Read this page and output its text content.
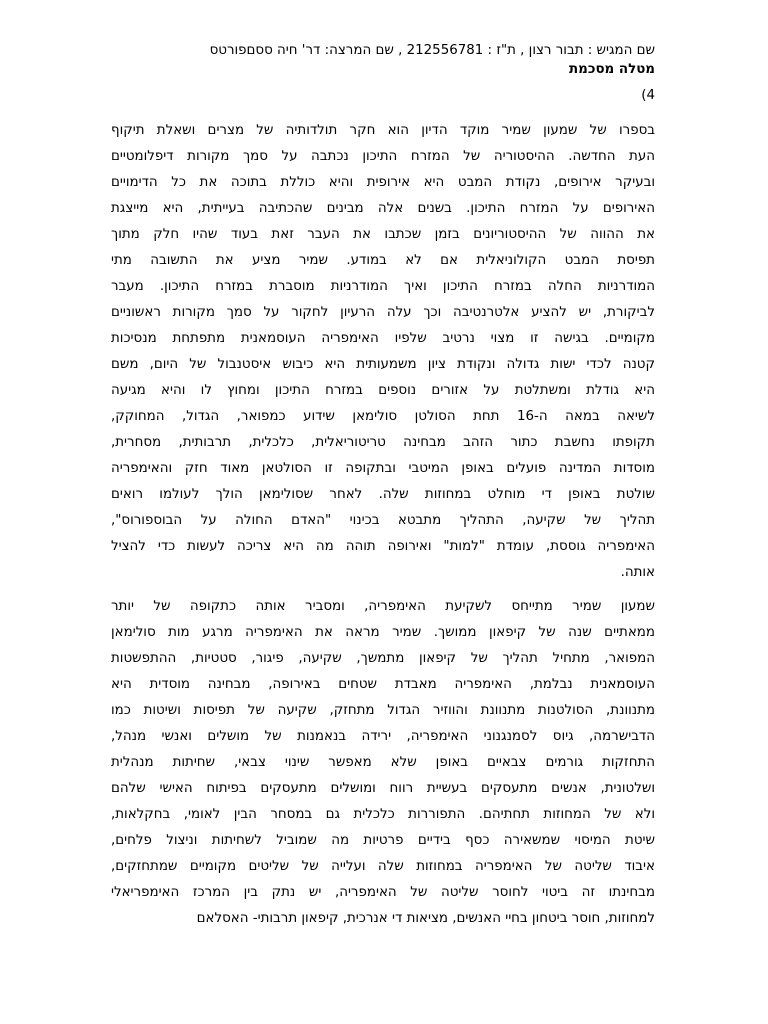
שם המגיש : תבור רצון , ת"ז : 212556781 , שם המרצה: דר' חיה ססםפורטס
מטלה מסכמת
(4
בספרו של שמעון שמיר מוקד הדיון הוא חקר תולדותיה של מצרים ושאלת תיקוף
העת החדשה. ההיסטוריה של המזרח התיכון נכתבה על סמך מקורות דיפלומטיים
ובעיקר אירופים, נקודת המבט היא אירופית והיא כוללת בתוכה את כל הדימויים
האירופים על המזרח התיכון. בשנים אלה מבינים שהכתיבה בעייתית, היא מייצגת
את ההווה של ההיסטוריונים בזמן שכתבו את העבר זאת בעוד שהיו חלק מתוך
תפיסת המבט הקולוניאלית אם לא במודע. שמיר מציע את התשובה מתי
המודרניות החלה במזרח התיכון ואיך המודרניות מוסברת במזרח התיכון. מעבר
לביקורת, יש להציע אלטרנטיבה וכך עלה הרעיון לחקור על סמך מקורות ראשוניים
מקומיים. בגישה זו מצוי נרטיב שלפיו האימפריה העוסמאנית מתפתחת מנסיכות
קטנה לכדי ישות גדולה ונקודת ציון משמעותית היא כיבוש איסטנבול של היום, משם
היא גודלת ומשתלטת על אזורים נוספים במזרח התיכון ומחוץ לו והיא מגיעה
לשיאה במאה ה-16 תחת הסולטן סולימאן שידוע כמפואר, הגדול, המחוקק,
תקופתו נחשבת כתור הזהב מבחינה טריטוריאלית, כלכלית, תרבותית, מסחרית,
מוסדות המדינה פועלים באופן המיטבי ובתקופה זו הסולטאן מאוד חזק והאימפריה
שולטת באופן די מוחלט במחוזות שלה. לאחר שסולימאן הולך לעולמו רואים
תהליך של שקיעה, התהליך מתבטא בכינוי "האדם החולה על הבוספורוס",
האימפריה גוססת, עומדת "למות" ואירופה תוהה מה היא צריכה לעשות כדי להציל
אותה.
שמעון שמיר מתייחס לשקיעת האימפריה, ומסביר אותה כתקופה של יותר
ממאתיים שנה של קיפאון ממושך. שמיר מראה את האימפריה מרגע מות סולימאן
המפואר, מתחיל תהליך של קיפאון מתמשך, שקיעה, פיגור, סטטיות, ההתפשטות
העוסמאנית נבלמת, האימפריה מאבדת שטחים באירופה, מבחינה מוסדית היא
מתנוונת, הסולטנות מתנוונת והווזיר הגדול מתחזק, שקיעה של תפיסות ושיטות כמו
הדבישרמה, גיוס לסמנגנוני האימפריה, ירידה בנאמנות של מושלים ואנשי מנהל,
התחזקות גורמים צבאיים באופן שלא מאפשר שינוי צבאי, שחיתות מנהלית
ושלטונית, אנשים מתעסקים בעשיית רווח ומושלים מתעסקים בפיתוח האישי שלהם
ולא של המחוזות תחתיהם. התפוררות כלכלית גם במסחר הבין לאומי, בחקלאות,
שיטת המיסוי שמשאירה כסף בידיים פרטיות מה שמוביל לשחיתות וניצול פלחים,
איבוד שליטה של האימפריה במחוזות שלה ועלייה של שליטים מקומיים שמתחזקים,
מבחינתו זה ביטוי לחוסר שליטה של האימפריה, יש נתק בין המרכז האימפריאלי
למחוזות, חוסר ביטחון בחיי האנשים, מציאות די אנרכית, קיפאון תרבותי- האסלאם
